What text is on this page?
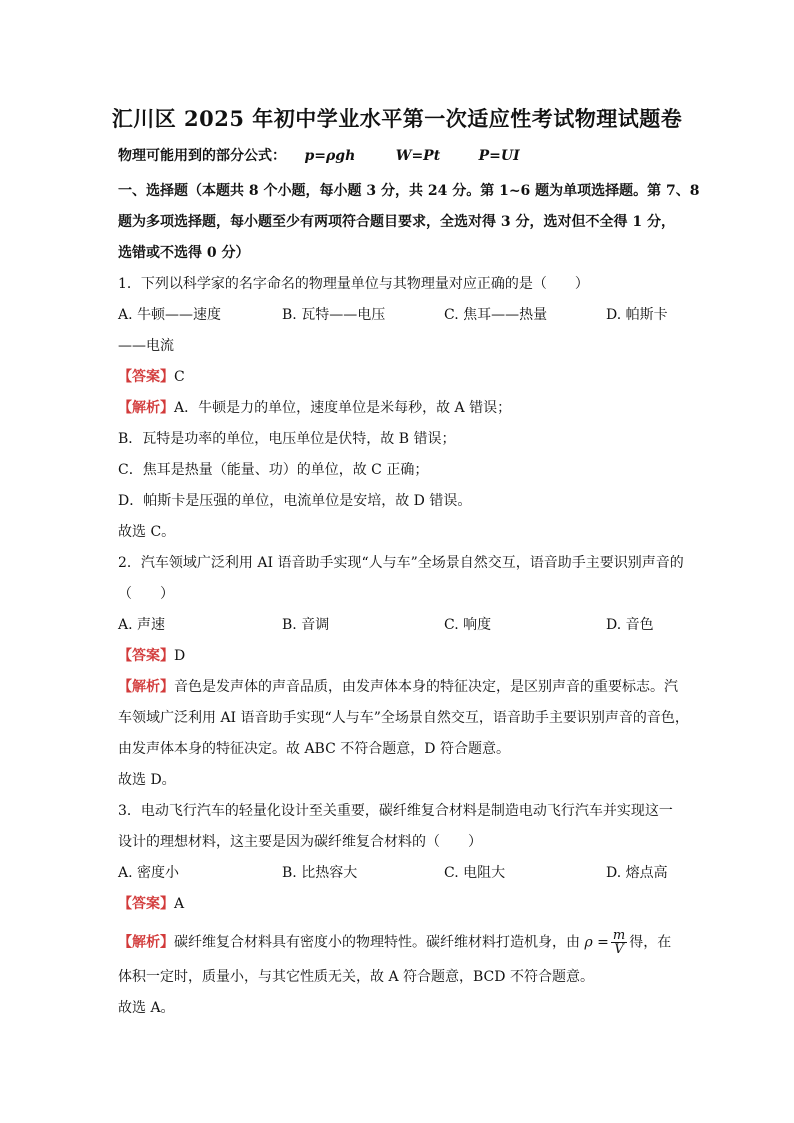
汇川区 2025 年初中学业水平第一次适应性考试物理试题卷
物理可能用到的部分公式： p=ρgh	W=Pt	P=UI
一、选择题（本题共 8 个小题，每小题 3 分，共 24 分。第 1~6 题为单项选择题。第 7、8
题为多项选择题，每小题至少有两项符合题目要求，全选对得 3 分，选对但不全得 1 分，
选错或不选得 0 分）
1．下列以科学家的名字命名的物理量单位与其物理量对应正确的是（　　）
A. 牛顿——速度	B. 瓦特——电压	C. 焦耳——热量	D. 帕斯卡
——电流
【答案】C
【解析】A．牛顿是力的单位，速度单位是米每秒，故 A 错误；
B．瓦特是功率的单位，电压单位是伏特，故 B 错误；
C．焦耳是热量（能量、功）的单位，故 C 正确；
D．帕斯卡是压强的单位，电流单位是安培，故 D 错误。
故选 C。
2．汽车领域广泛利用 AI 语音助手实现“人与车”全场景自然交互，语音助手主要识别声音的
（　　）
A. 声速	B. 音调	C. 响度	D. 音色
【答案】D
【解析】音色是发声体的声音品质，由发声体本身的特征决定，是区别声音的重要标志。汽
车领域广泛利用 AI 语音助手实现“人与车”全场景自然交互，语音助手主要识别声音的音色，
由发声体本身的特征决定。故 ABC 不符合题意，D 符合题意。
故选 D。
3．电动飞行汽车的轻量化设计至关重要，碳纤维复合材料是制造电动飞行汽车并实现这一
设计的理想材料，这主要是因为碳纤维复合材料的（　　）
A. 密度小	B. 比热容大	C. 电阻大	D. 熔点高
【答案】A
【解析】碳纤维复合材料具有密度小的物理特性。碳纤维材料打造机身，由 $\rho = \frac{m}{V}$ 得，在
体积一定时，质量小，与其它性质无关，故 A 符合题意，BCD 不符合题意。
故选 A。
